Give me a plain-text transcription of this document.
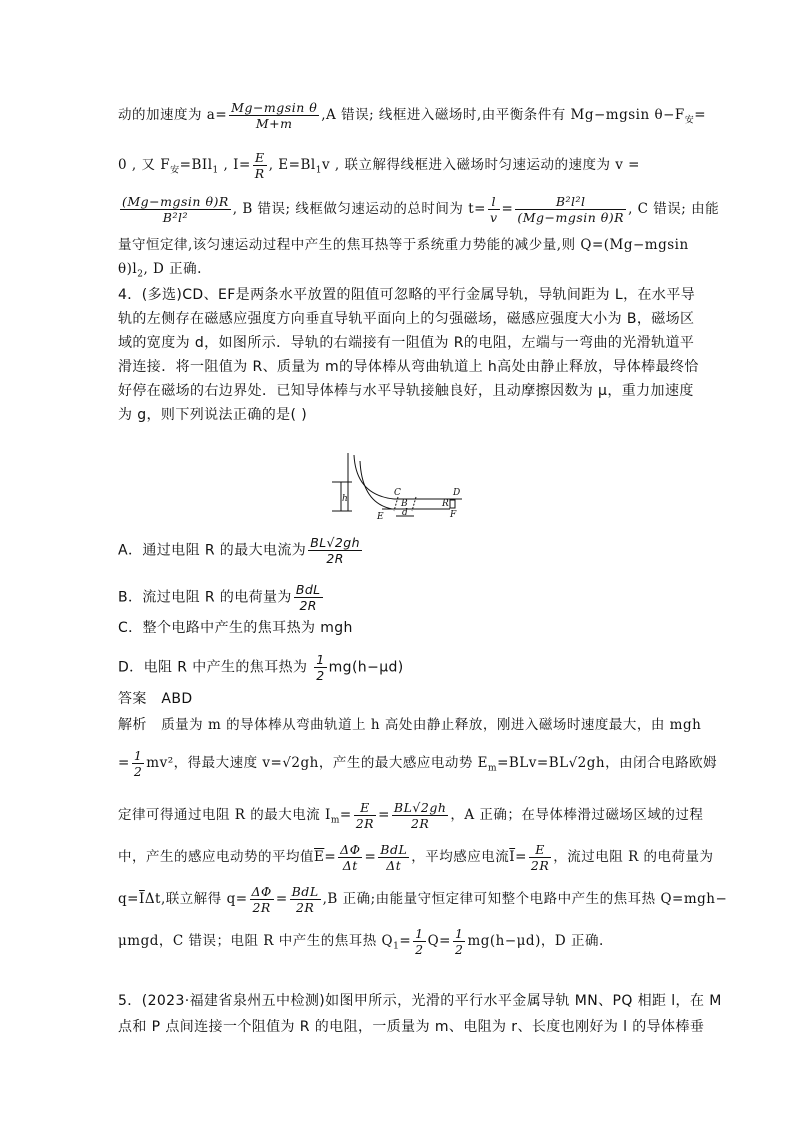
动的加速度为 $a= \frac{\text{Mg−mgsin θ}}{M+m} ,A$ 错误; 线框进入磁场时,由平衡条件有 Mg−mgsin $\theta-F_安=$
0 , 又 $F_安=BIl_1$ , $I= \frac{E}{R}$ , $E=Bl_1v$ , 联立解得线框进入磁场时匀速运动的速度为 v =
$\frac{\text{(Mg−mgsin θ)R}}{\text{B²l²}}$ , B 错误; 线框做匀速运动的总时间为 $t= \frac{l}{v} = \frac{\text{B²l²l}}{\text{(Mg−mgsin θ)R}}$ , C 错误; 由能
量守恒定律,该匀速运动过程中产生的焦耳热等于系统重力势能的减少量,则 Q=(Mg−mgsin
$\theta)l_2$, D 正确.
4．(多选)CD、EF是两条水平放置的阻值可忽略的平行金属导轨，导轨间距为 L，在水平导
轨的左侧存在磁感应强度方向垂直导轨平面向上的匀强磁场，磁感应强度大小为 B，磁场区
域的宽度为 d，如图所示．导轨的右端接有一阻值为 R的电阻，左端与一弯曲的光滑轨道平
滑连接．将一阻值为 R、质量为 m的导体棒从弯曲轨道上 h高处由静止释放，导体棒最终恰
好停在磁场的右边界处．已知导体棒与水平导轨接触良好，且动摩擦因数为 μ，重力加速度
为 g，则下列说法正确的是( )
h
C	D
B	R
E	F
d
A．通过电阻 R 的最大电流为 $\frac{BL√2gh}{2R}$
B．流过电阻 R 的电荷量为 $\frac{\text{BdL}}{2R}$
C．整个电路中产生的焦耳热为 mgh
D．电阻 R 中产生的焦耳热为 $\frac{1}{2} mg(h-\mu d)$
答案 ABD
解析 质量为 m 的导体棒从弯曲轨道上 h 高处由静止释放，刚进入磁场时速度最大，由 mgh
= $\frac{1}{2} mv^2$，得最大速度 v=√2gh，产生的最大感应电动势 $E_m=BLv=BL√2gh$，由闭合电路欧姆
定律可得通过电阻 R 的最大电流 $I_m= \frac{E}{2R} = \frac{BL√2gh}{2R}$ ，A 正确；在导体棒滑过磁场区域的过程
中，产生的感应电动势的平均值$\overline{E}= \frac{\Delta\Phi}{\Delta t} = \frac{\text{BdL}}{\Delta t}$ ，平均感应电流$\overline{I}= \frac{E}{2R}$ ，流过电阻 R 的电荷量为
$q=\overline{I}\Delta t$,联立解得 $q= \frac{\Delta\Phi}{2R} = \frac{\text{BdL}}{2R} ,B$ 正确;由能量守恒定律可知整个电路中产生的焦耳热 Q=mgh−
μmgd，C 错误；电阻 R 中产生的焦耳热 $Q_1= \frac{1}{2} Q= \frac{1}{2} mg(h-\mu d)$，D 正确.
5．(2023·福建省泉州五中检测)如图甲所示，光滑的平行水平金属导轨 MN、PQ 相距 l，在 M
点和 P 点间连接一个阻值为 R 的电阻，一质量为 m、电阻为 r、长度也刚好为 l 的导体棒垂
